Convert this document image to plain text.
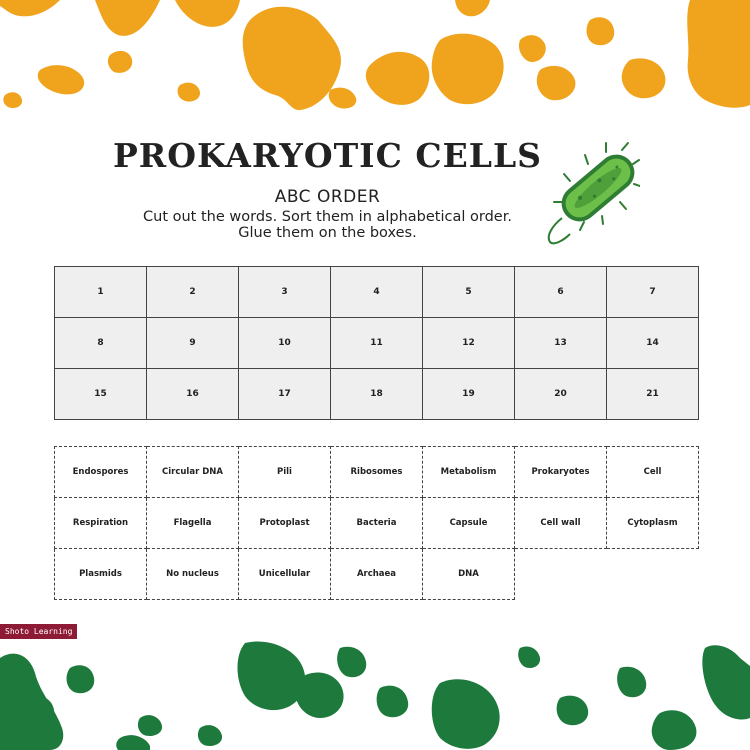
PROKARYOTIC CELLS
ABC ORDER
Cut out the words. Sort them in alphabetical order.
Glue them on the boxes.
1	2	3	4	5	6	7
8	9	10	11	12	13	14
15	16	17	18	19	20	21
Endospores	Circular DNA	Pili	Ribosomes	Metabolism	Prokaryotes	Cell
Respiration	Flagella	Protoplast	Bacteria	Capsule	Cell wall	Cytoplasm
Plasmids	No nucleus	Unicellular	Archaea	DNA		
Shoto Learning
